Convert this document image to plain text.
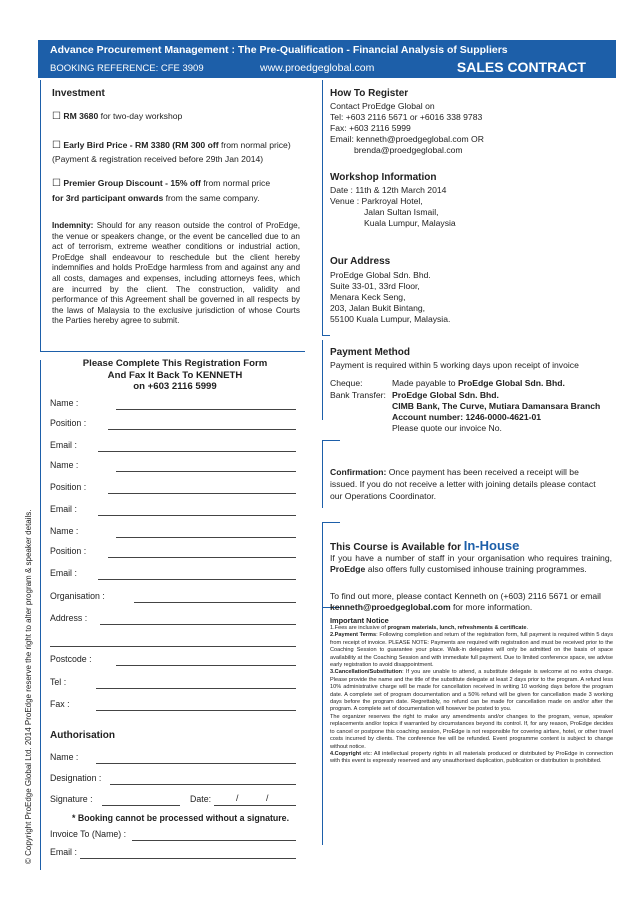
Advance Procurement Management : The Pre-Qualification - Financial Analysis of Suppliers
BOOKING REFERENCE: CFE 3909	www.proedgeglobal.com	SALES CONTRACT
© Copyright ProEdge Global Ltd. 2014 ProEdge reserve the right to alter program & speaker details.
Investment
☐ RM 3680 for two-day workshop
☐ Early Bird Price - RM 3380 (RM 300 off from normal price)
(Payment & registration received before 29th Jan 2014)
☐ Premier Group Discount - 15% off from normal price
for 3rd participant onwards from the same company.
Indemnity: Should for any reason outside the control of ProEdge, the venue or speakers change, or the event be cancelled due to an act of terrorism, extreme weather conditions or industrial action, ProEdge shall endeavour to reschedule but the client hereby indemnifies and holds ProEdge harmless from and against any and all costs, damages and expenses, including attorneys fees, which are incurred by the client. The construction, validity and performance of this Agreement shall be governed in all respects by the laws of Malaysia to the exclusive jurisdiction of whose Courts the Parties hereby agree to submit.
Please Complete This Registration Form
And Fax It Back To KENNETH
on +603 2116 5999
Name :
Position :
Email :
Name :
Position :
Email :
Name :
Position :
Email :
Organisation :
Address :
Postcode :
Tel :
Fax :
Authorisation
Name :
Designation :
Signature :	Date:	/	/
* Booking cannot be processed without a signature.
Invoice To (Name) :
Email :
How To Register
Contact ProEdge Global on
Tel: +603 2116 5671 or +6016 338 9783
Fax: +603 2116 5999
Email: kenneth@proedgeglobal.com OR
brenda@proedgeglobal.com
Workshop Information
Date : 11th & 12th March 2014
Venue : Parkroyal Hotel,
Jalan Sultan Ismail,
Kuala Lumpur, Malaysia
Our Address
ProEdge Global Sdn. Bhd.
Suite 33-01, 33rd Floor,
Menara Keck Seng,
203, Jalan Bukit Bintang,
55100 Kuala Lumpur, Malaysia.
Payment Method
Payment is required within 5 working days upon receipt of invoice
Cheque:	Made payable to ProEdge Global Sdn. Bhd.
Bank Transfer: ProEdge Global Sdn. Bhd.
CIMB Bank, The Curve, Mutiara Damansara Branch
Account number: 1246-0000-4621-01
Please quote our invoice No.
Confirmation: Once payment has been received a receipt will be issued. If you do not receive a letter with joining details please contact our Operations Coordinator.
This Course is Available for In-House
If you have a number of staff in your organisation who requires training, ProEdge also offers fully customised inhouse training programmes.
To find out more, please contact Kenneth on (+603) 2116 5671 or email kenneth@proedgeglobal.com for more information.
Important Notice
1.Fees are inclusive of program materials, lunch, refreshments & certificate.
2.Payment Terms: Following completion and return of the registration form, full payment is required within 5 days from receipt of invoice. PLEASE NOTE: Payments are required with registration and must be received prior to the Coaching Session to guarantee your place. Walk-in delegates will only be admitted on the basis of space availability at the Coaching Session and with immediate full payment. Due to limited conference space, we advise early registration to avoid disappointment.
3.Cancellation/Substitution: If you are unable to attend, a substitute delegate is welcome at no extra charge. Please provide the name and the title of the substitute delegate at least 2 days prior to the program. A refund less 10% administrative charge will be made for cancellation received in writing 10 working days before the program date. A complete set of program documentation and a 50% refund will be given for cancellation made 3 working days before the program date. Regrettably, no refund can be made for cancellation made on and/or after the program. A complete set of documentation will however be posted to you.
The organizer reserves the right to make any amendments and/or changes to the program, venue, speaker replacements and/or topics if warranted by circumstances beyond its control. If, for any reason, ProEdge decides to cancel or postpone this coaching session, ProEdge is not responsible for covering airfare, hotel, or other travel costs incurred by clients. The conference fee will be refunded. Event programme content is subject to change without notice.
4.Copyright etc: All intellectual property rights in all materials produced or distributed by ProEdge in connection with this event is expressly reserved and any unauthorised duplication, publication or distribution is prohibited.
